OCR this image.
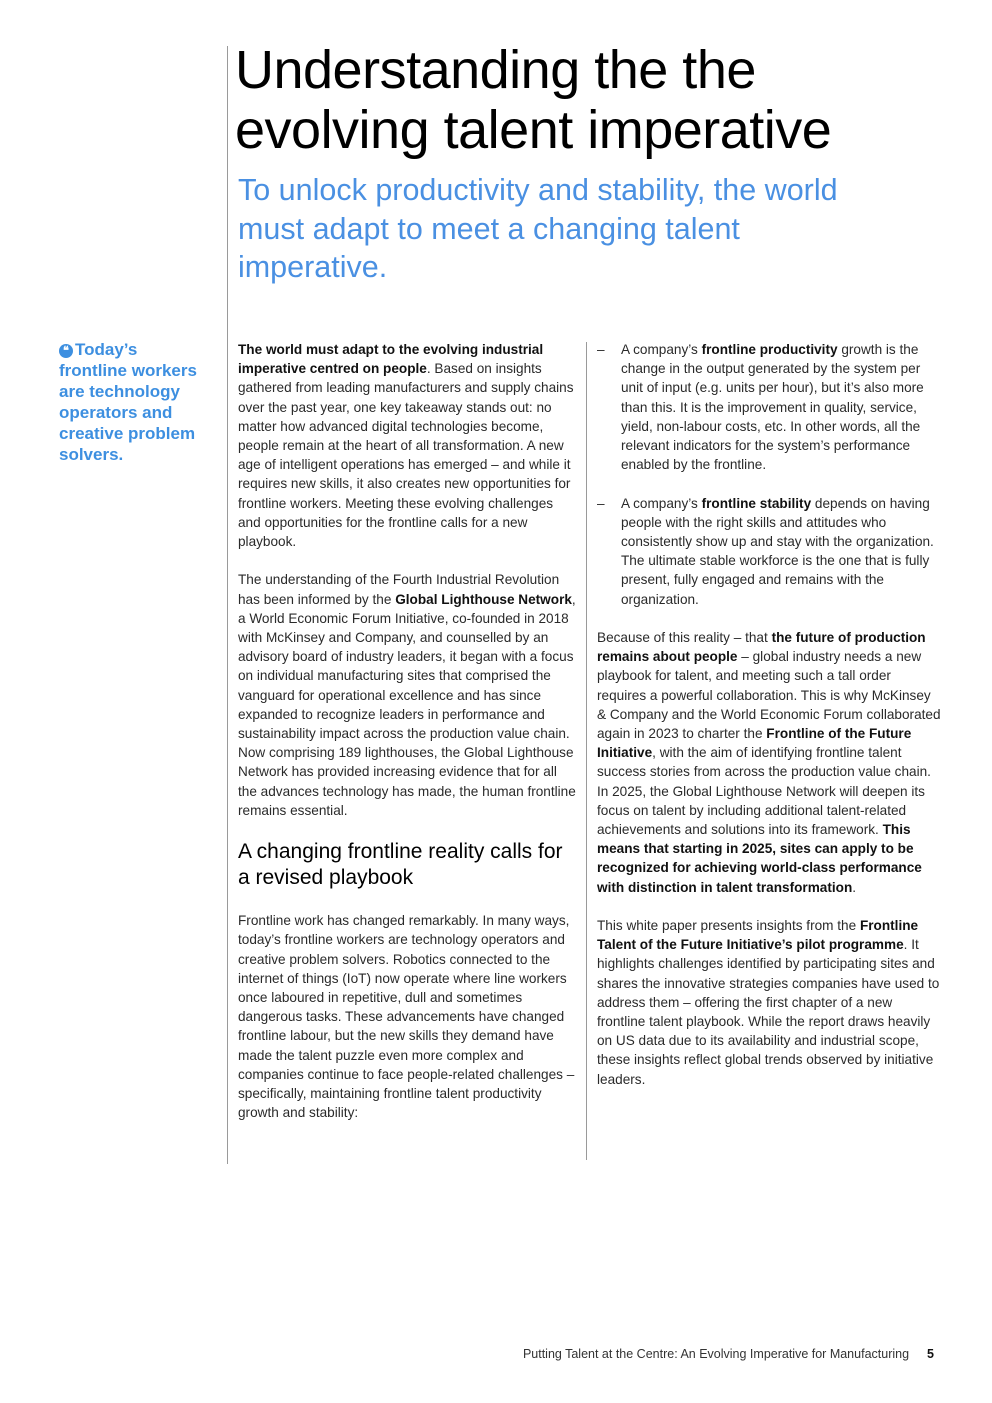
Understanding the the evolving talent imperative
To unlock productivity and stability, the world must adapt to meet a changing talent imperative.
❝ Today’s frontline workers are technology operators and creative problem solvers.

The world must adapt to the evolving industrial imperative centred on people. Based on insights gathered from leading manufacturers and supply chains over the past year, one key takeaway stands out: no matter how advanced digital technologies become, people remain at the heart of all transformation. A new age of intelligent operations has emerged – and while it requires new skills, it also creates new opportunities for frontline workers. Meeting these evolving challenges and opportunities for the frontline calls for a new playbook.

The understanding of the Fourth Industrial Revolution has been informed by the Global Lighthouse Network, a World Economic Forum Initiative, co-founded in 2018 with McKinsey and Company, and counselled by an advisory board of industry leaders, it began with a focus on individual manufacturing sites that comprised the vanguard for operational excellence and has since expanded to recognize leaders in performance and sustainability impact across the production value chain. Now comprising 189 lighthouses, the Global Lighthouse Network has provided increasing evidence that for all the advances technology has made, the human frontline remains essential.

A changing frontline reality calls for a revised playbook

Frontline work has changed remarkably. In many ways, today’s frontline workers are technology operators and creative problem solvers. Robotics connected to the internet of things (IoT) now operate where line workers once laboured in repetitive, dull and sometimes dangerous tasks. These advancements have changed frontline labour, but the new skills they demand have made the talent puzzle even more complex and companies continue to face people-related challenges – specifically, maintaining frontline talent productivity growth and stability:

– A company’s frontline productivity growth is the change in the output generated by the system per unit of input (e.g. units per hour), but it’s also more than this. It is the improvement in quality, service, yield, non-labour costs, etc. In other words, all the relevant indicators for the system’s performance enabled by the frontline.
– A company’s frontline stability depends on having people with the right skills and attitudes who consistently show up and stay with the organization. The ultimate stable workforce is the one that is fully present, fully engaged and remains with the organization.

Because of this reality – that the future of production remains about people – global industry needs a new playbook for talent, and meeting such a tall order requires a powerful collaboration. This is why McKinsey & Company and the World Economic Forum collaborated again in 2023 to charter the Frontline of the Future Initiative, with the aim of identifying frontline talent success stories from across the production value chain. In 2025, the Global Lighthouse Network will deepen its focus on talent by including additional talent-related achievements and solutions into its framework. This means that starting in 2025, sites can apply to be recognized for achieving world-class performance with distinction in talent transformation.

This white paper presents insights from the Frontline Talent of the Future Initiative’s pilot programme. It highlights challenges identified by participating sites and shares the innovative strategies companies have used to address them – offering the first chapter of a new frontline talent playbook. While the report draws heavily on US data due to its availability and industrial scope, these insights reflect global trends observed by initiative leaders.

Putting Talent at the Centre: An Evolving Imperative for Manufacturing 5
